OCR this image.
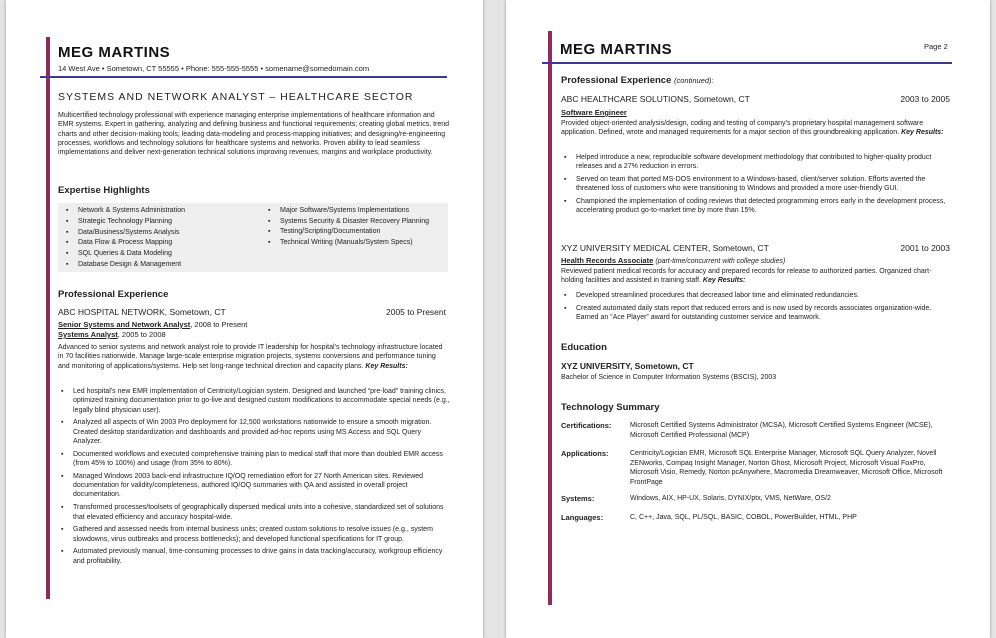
MEG MARTINS
14 West Ave • Sometown, CT 55555 • Phone: 555-555-5555 • somename@somedomain.com
SYSTEMS AND NETWORK ANALYST – HEALTHCARE SECTOR
Multicertified technology professional with experience managing enterprise implementations of healthcare information and EMR systems. Expert in gathering, analyzing and defining business and functional requirements; creating global metrics, trend charts and other decision-making tools; leading data-modeling and process-mapping initiatives; and designing/re-engineering processes, workflows and technology solutions for healthcare systems and networks. Proven ability to lead seamless implementations and deliver next-generation technical solutions improving revenues, margins and workplace productivity.
Expertise Highlights
▪ Network & Systems Administration
▪ Strategic Technology Planning
▪ Data/Business/Systems Analysis
▪ Data Flow & Process Mapping
▪ SQL Queries & Data Modeling
▪ Database Design & Management
▪ Major Software/Systems Implementations
▪ Systems Security & Disaster Recovery Planning
▪ Testing/Scripting/Documentation
▪ Technical Writing (Manuals/System Specs)
Professional Experience
ABC HOSPITAL NETWORK, Sometown, CT	2005 to Present
Senior Systems and Network Analyst, 2008 to Present
Systems Analyst, 2005 to 2008
Advanced to senior systems and network analyst role to provide IT leadership for hospital’s technology infrastructure located in 70 facilities nationwide. Manage large-scale enterprise migration projects, systems conversions and performance tuning and monitoring of applications/systems. Help set long-range technical direction and capacity plans. Key Results:
▪ Led hospital’s new EMR implementation of Centricity/Logician system. Designed and launched “pre-load” training clinics, optimized training documentation prior to go-live and designed custom modifications to accommodate special needs (e.g., legally blind physician user).
▪ Analyzed all aspects of Win 2003 Pro deployment for 12,500 workstations nationwide to ensure a smooth migration. Created desktop standardization and dashboards and provided ad-hoc reports using MS Access and SQL Query Analyzer.
▪ Documented workflows and executed comprehensive training plan to medical staff that more than doubled EMR access (from 45% to 100%) and usage (from 35% to 80%).
▪ Managed Windows 2003 back-end infrastructure IQ/OQ remediation effort for 27 North American sites. Reviewed documentation for validity/completeness, authored IQ/OQ summaries with QA and assisted in overall project documentation.
▪ Transformed processes/toolsets of geographically dispersed medical units into a cohesive, standardized set of solutions that elevated efficiency and accuracy hospital-wide.
▪ Gathered and assessed needs from internal business units; created custom solutions to resolve issues (e.g., system slowdowns, virus outbreaks and process bottlenecks); and developed functional specifications for IT group.
▪ Automated previously manual, time-consuming processes to drive gains in data tracking/accuracy, workgroup efficiency and profitability.
MEG MARTINS	Page 2
Professional Experience (continued):
ABC HEALTHCARE SOLUTIONS, Sometown, CT	2003 to 2005
Software Engineer
Provided object-oriented analysis/design, coding and testing of company’s proprietary hospital management software application. Defined, wrote and managed requirements for a major section of this groundbreaking application. Key Results:
▪ Helped introduce a new, reproducible software development methodology that contributed to higher-quality product releases and a 27% reduction in errors.
▪ Served on team that ported MS-DOS environment to a Windows-based, client/server solution. Efforts averted the threatened loss of customers who were transitioning to Windows and provided a more user-friendly GUI.
▪ Championed the implementation of coding reviews that detected programming errors early in the development process, accelerating product go-to-market time by more than 15%.
XYZ UNIVERSITY MEDICAL CENTER, Sometown, CT	2001 to 2003
Health Records Associate (part-time/concurrent with college studies)
Reviewed patient medical records for accuracy and prepared records for release to authorized parties. Organized chart-holding facilities and assisted in training staff. Key Results:
▪ Developed streamlined procedures that decreased labor time and eliminated redundancies.
▪ Created automated daily stats report that reduced errors and is now used by records associates organization-wide. Earned an “Ace Player” award for outstanding customer service and teamwork.
Education
XYZ UNIVERSITY, Sometown, CT
Bachelor of Science in Computer Information Systems (BSCIS), 2003
Technology Summary
Certifications:	Microsoft Certified Systems Administrator (MCSA), Microsoft Certified Systems Engineer (MCSE), Microsoft Certified Professional (MCP)
Applications:	Centricity/Logician EMR, Microsoft SQL Enterprise Manager, Microsoft SQL Query Analyzer, Novell ZENworks, Compaq Insight Manager, Norton Ghost, Microsoft Project, Microsoft Visual FoxPro, Microsoft Visio, Remedy, Norton pcAnywhere, Macromedia Dreamweaver, Microsoft Office, Microsoft FrontPage
Systems:	Windows, AIX, HP-UX, Solaris, DYNIX/ptx, VMS, NetWare, OS/2
Languages:	C, C++, Java, SQL, PL/SQL, BASIC, COBOL, PowerBuilder, HTML, PHP
